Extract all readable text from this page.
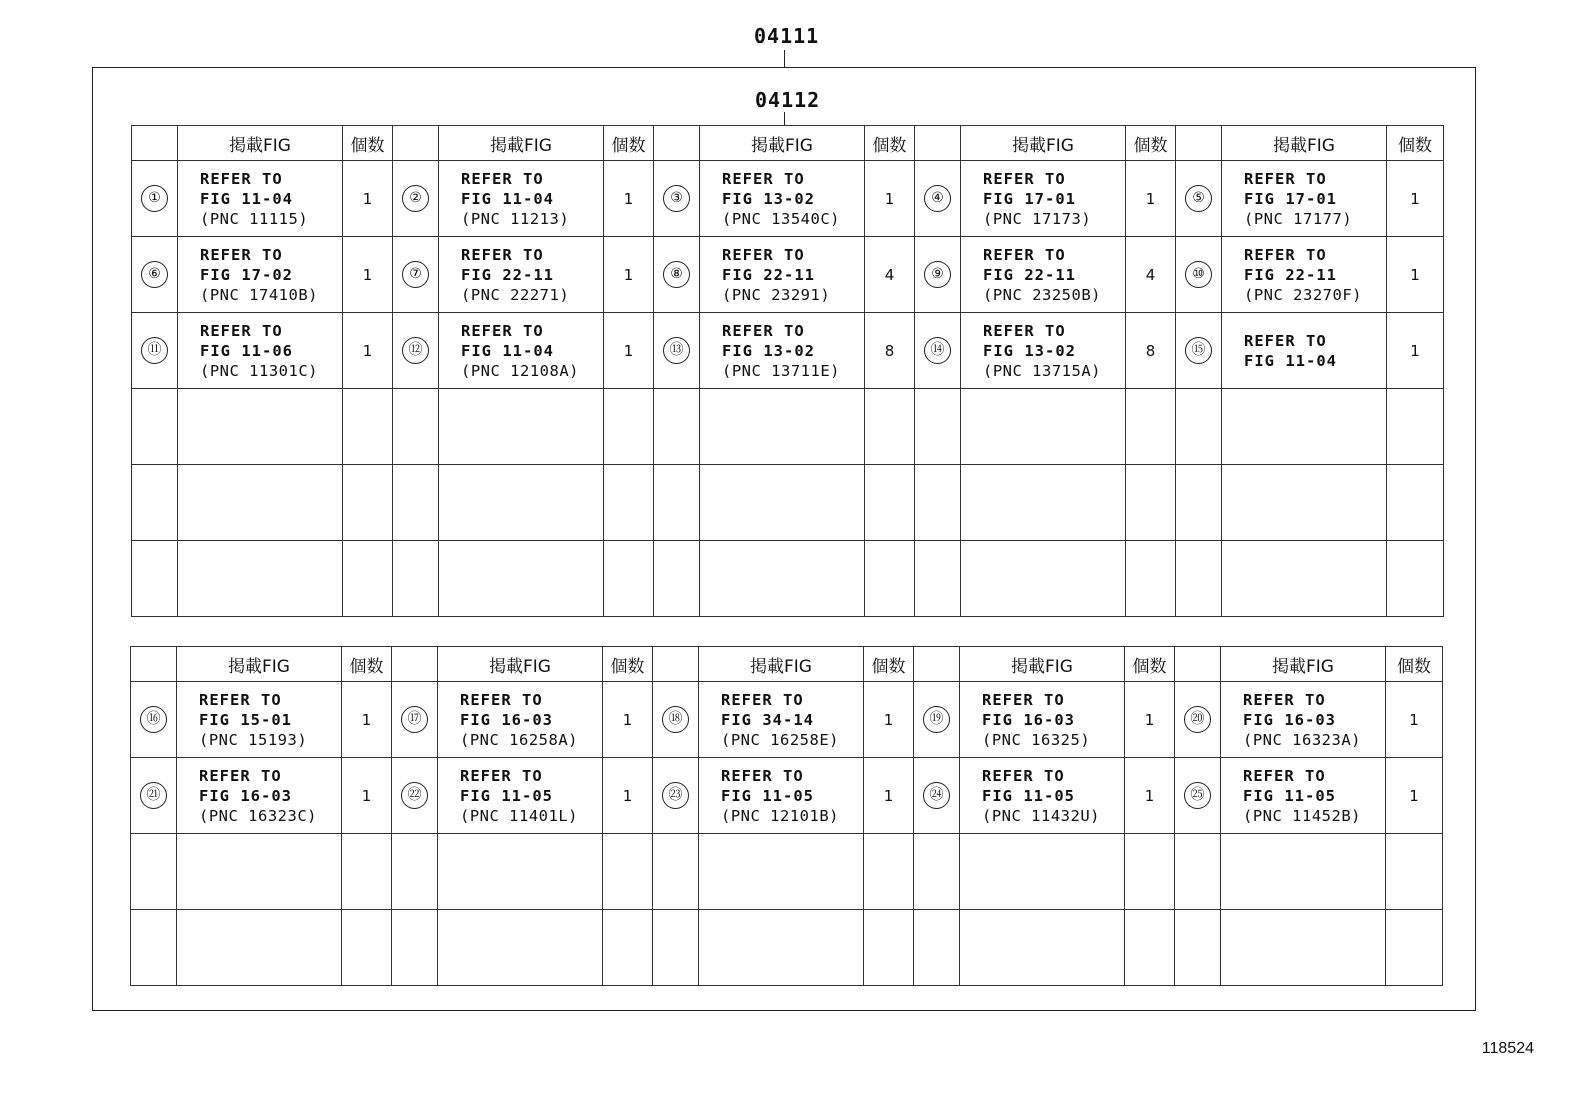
04111
04112
	掲載FIG	個数		掲載FIG	個数		掲載FIG	個数		掲載FIG	個数		掲載FIG	個数
①	REFER TO
FIG 11-04
(PNC 11115)	1	②	REFER TO
FIG 11-04
(PNC 11213)	1	③	REFER TO
FIG 13-02
(PNC 13540C)	1	④	REFER TO
FIG 17-01
(PNC 17173)	1	⑤	REFER TO
FIG 17-01
(PNC 17177)	1
⑥	REFER TO
FIG 17-02
(PNC 17410B)	1	⑦	REFER TO
FIG 22-11
(PNC 22271)	1	⑧	REFER TO
FIG 22-11
(PNC 23291)	4	⑨	REFER TO
FIG 22-11
(PNC 23250B)	4	⑩	REFER TO
FIG 22-11
(PNC 23270F)	1
⑪	REFER TO
FIG 11-06
(PNC 11301C)	1	⑫	REFER TO
FIG 11-04
(PNC 12108A)	1	⑬	REFER TO
FIG 13-02
(PNC 13711E)	8	⑭	REFER TO
FIG 13-02
(PNC 13715A)	8	⑮	REFER TO
FIG 11-04	1

	掲載FIG	個数		掲載FIG	個数		掲載FIG	個数		掲載FIG	個数		掲載FIG	個数
⑯	REFER TO
FIG 15-01
(PNC 15193)	1	⑰	REFER TO
FIG 16-03
(PNC 16258A)	1	⑱	REFER TO
FIG 34-14
(PNC 16258E)	1	⑲	REFER TO
FIG 16-03
(PNC 16325)	1	⑳	REFER TO
FIG 16-03
(PNC 16323A)	1
㉑	REFER TO
FIG 16-03
(PNC 16323C)	1	㉒	REFER TO
FIG 11-05
(PNC 11401L)	1	㉓	REFER TO
FIG 11-05
(PNC 12101B)	1	㉔	REFER TO
FIG 11-05
(PNC 11432U)	1	㉕	REFER TO
FIG 11-05
(PNC 11452B)	1

118524
